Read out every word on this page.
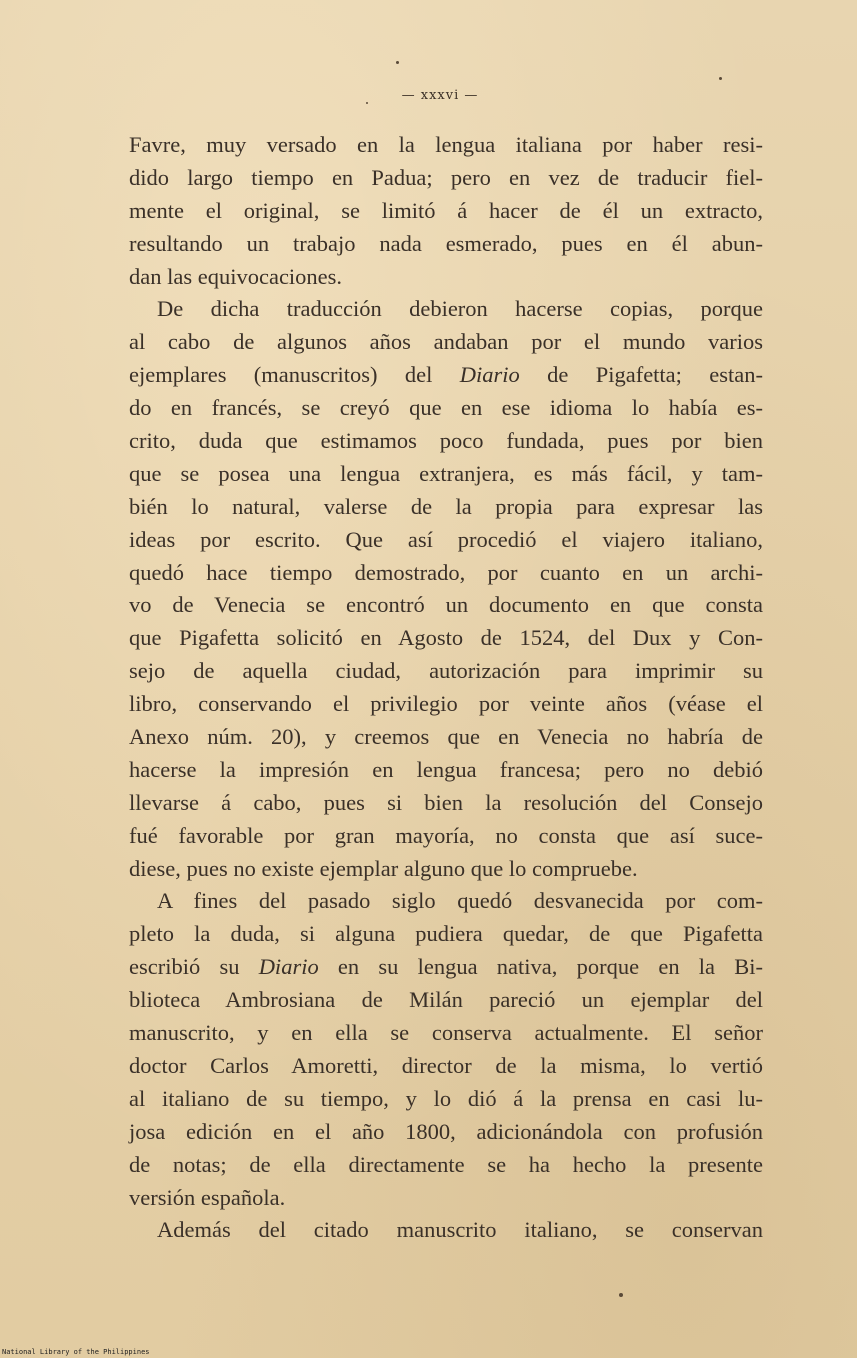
— xxxvi —
Favre, muy versado en la lengua italiana por haber resi-
dido largo tiempo en Padua; pero en vez de traducir fiel-
mente el original, se limitó á hacer de él un extracto,
resultando un trabajo nada esmerado, pues en él abun-
dan las equivocaciones.
De dicha traducción debieron hacerse copias, porque
al cabo de algunos años andaban por el mundo varios
ejemplares (manuscritos) del Diario de Pigafetta; estan-
do en francés, se creyó que en ese idioma lo había es-
crito, duda que estimamos poco fundada, pues por bien
que se posea una lengua extranjera, es más fácil, y tam-
bién lo natural, valerse de la propia para expresar las
ideas por escrito. Que así procedió el viajero italiano,
quedó hace tiempo demostrado, por cuanto en un archi-
vo de Venecia se encontró un documento en que consta
que Pigafetta solicitó en Agosto de 1524, del Dux y Con-
sejo de aquella ciudad, autorización para imprimir su
libro, conservando el privilegio por veinte años (véase el
Anexo núm. 20), y creemos que en Venecia no habría de
hacerse la impresión en lengua francesa; pero no debió
llevarse á cabo, pues si bien la resolución del Consejo
fué favorable por gran mayoría, no consta que así suce-
diese, pues no existe ejemplar alguno que lo compruebe.
A fines del pasado siglo quedó desvanecida por com-
pleto la duda, si alguna pudiera quedar, de que Pigafetta
escribió su Diario en su lengua nativa, porque en la Bi-
blioteca Ambrosiana de Milán pareció un ejemplar del
manuscrito, y en ella se conserva actualmente. El señor
doctor Carlos Amoretti, director de la misma, lo vertió
al italiano de su tiempo, y lo dió á la prensa en casi lu-
josa edición en el año 1800, adicionándola con profusión
de notas; de ella directamente se ha hecho la presente
versión española.
Además del citado manuscrito italiano, se conservan
National Library of the Philippines
